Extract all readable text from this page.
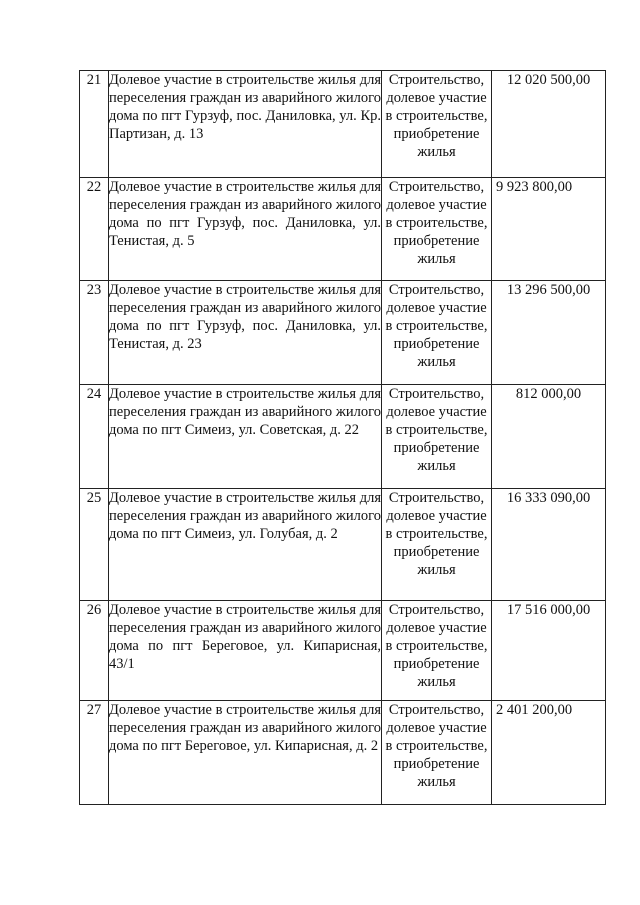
21	Долевое участие в строительстве жилья для переселения граждан из аварийного жилого дома по пгт Гурзуф, пос. Даниловка, ул. Кр. Партизан, д. 13	Строительство, долевое участие в строительстве, приобретение жилья	12 020 500,00

22	Долевое участие в строительстве жилья для переселения граждан из аварийного жилого дома по пгт Гурзуф, пос. Даниловка, ул. Тенистая, д. 5	Строительство, долевое участие в строительстве, приобретение жилья	9 923 800,00

23	Долевое участие в строительстве жилья для переселения граждан из аварийного жилого дома по пгт Гурзуф, пос. Даниловка, ул. Тенистая, д. 23	Строительство, долевое участие в строительстве, приобретение жилья	13 296 500,00

24	Долевое участие в строительстве жилья для переселения граждан из аварийного жилого дома по пгт Симеиз, ул. Советская, д. 22	Строительство, долевое участие в строительстве, приобретение жилья	812 000,00

25	Долевое участие в строительстве жилья для переселения граждан из аварийного жилого дома по пгт Симеиз, ул. Голубая, д. 2	Строительство, долевое участие в строительстве, приобретение жилья	16 333 090,00

26	Долевое участие в строительстве жилья для переселения граждан из аварийного жилого дома по пгт Береговое, ул. Кипарисная, 43/1	Строительство, долевое участие в строительстве, приобретение жилья	17 516 000,00

27	Долевое участие в строительстве жилья для переселения граждан из аварийного жилого дома по пгт Береговое, ул. Кипарисная, д. 2	Строительство, долевое участие в строительстве, приобретение жилья	2 401 200,00
